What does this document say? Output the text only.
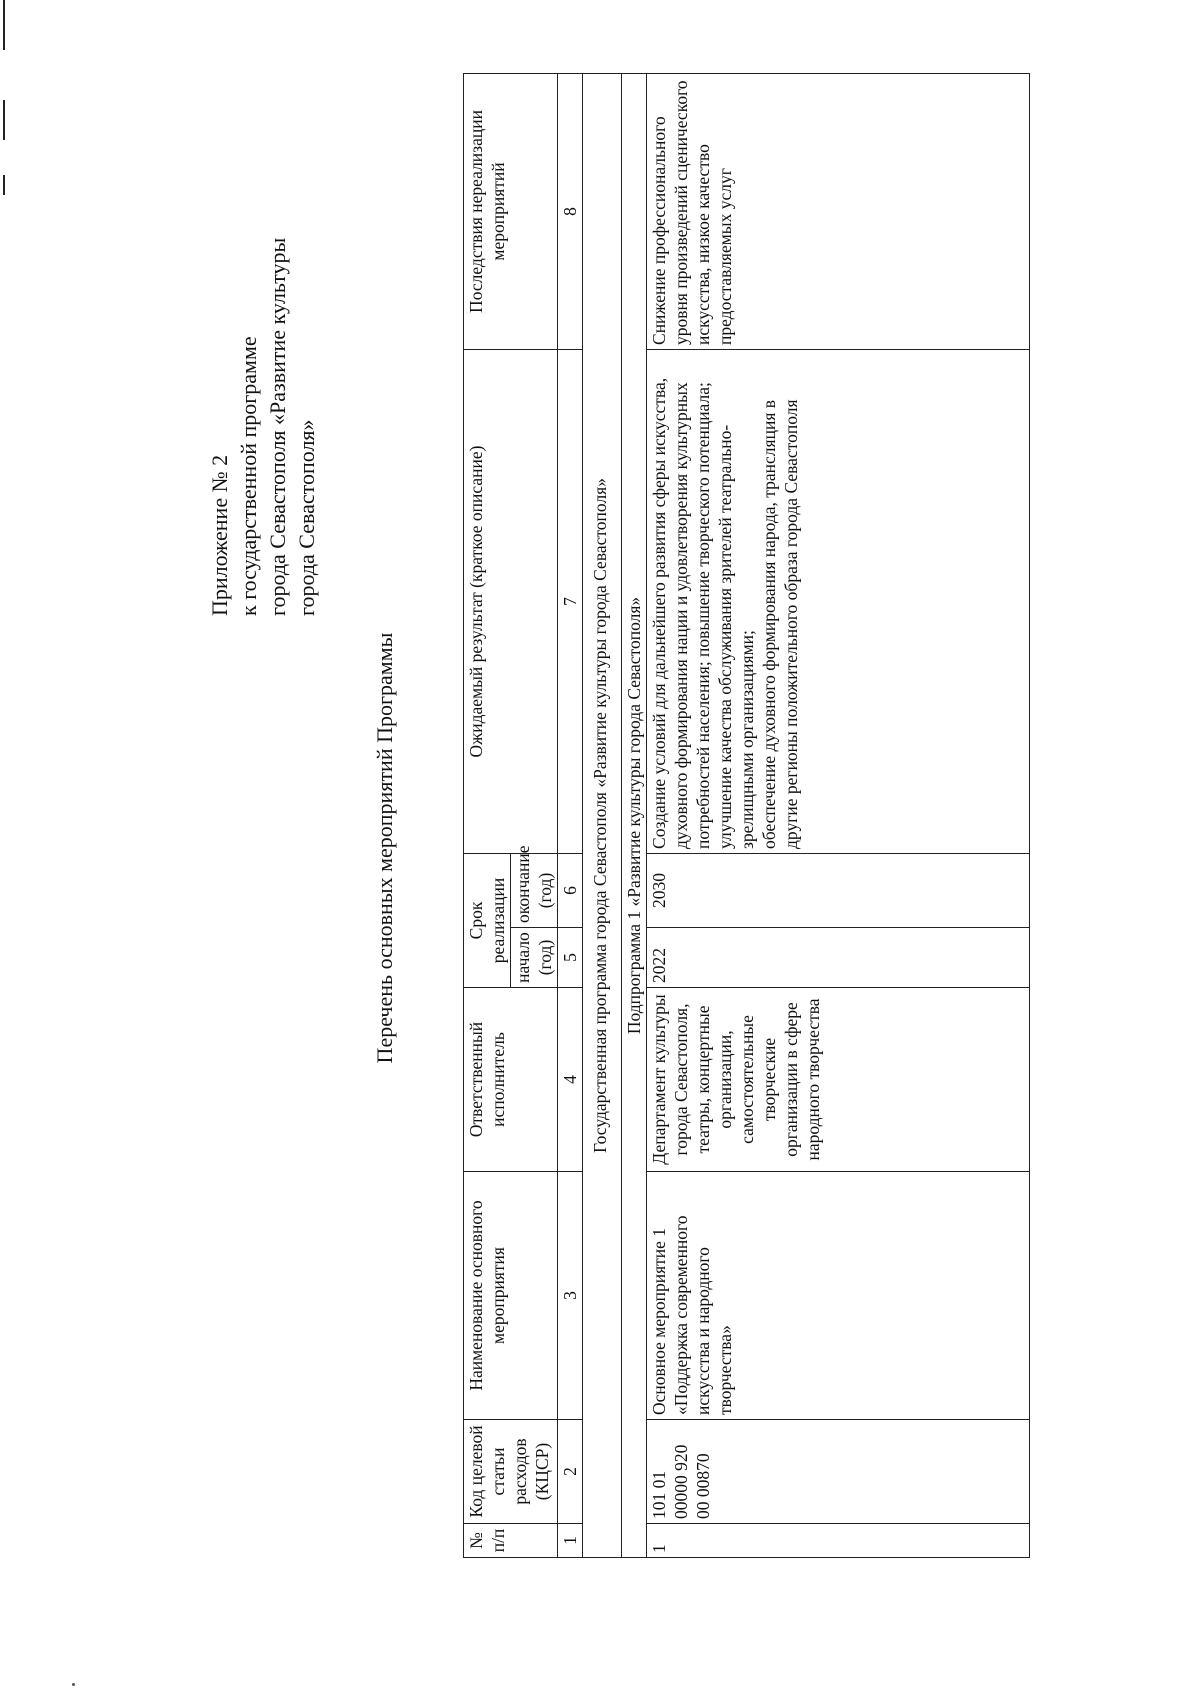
Приложение № 2 к государственной программе города Севастополя «Развитие культуры города Севастополя»
Перечень основных мероприятий Программы
№ п/п	Код целевой статьи расходов (КЦСР)	Наименование основного мероприятия	Ответственный исполнитель	Срок реализации		Ожидаемый результат (краткое описание)	Последствия нереализации мероприятий
				начало (год)	окончание (год)		
1	2	3	4	5	6	7	8
Государственная программа города Севастополя «Развитие культуры города Севастополя»							
Подпрограмма 1 «Развитие культуры города Севастополя»							
1	101 01 00000 920 00 00870	Основное мероприятие 1 «Поддержка современного искусства и народного творчества»	Департамент культуры города Севастополя, театры, концертные организации, самостоятельные творческие организации в сфере народного творчества	2022	2030	Создание условий для дальнейшего развития сферы искусства, духовного формирования нации и удовлетворения культурных потребностей населения; повышение творческого потенциала; улучшение качества обслуживания зрителей театрально-зрелищными организациями; обеспечение духовного формирования народа, трансляция в другие регионы положительного образа города Севастополя	Снижение профессионального уровня произведений сценического искусства, низкое качество предоставляемых услуг
